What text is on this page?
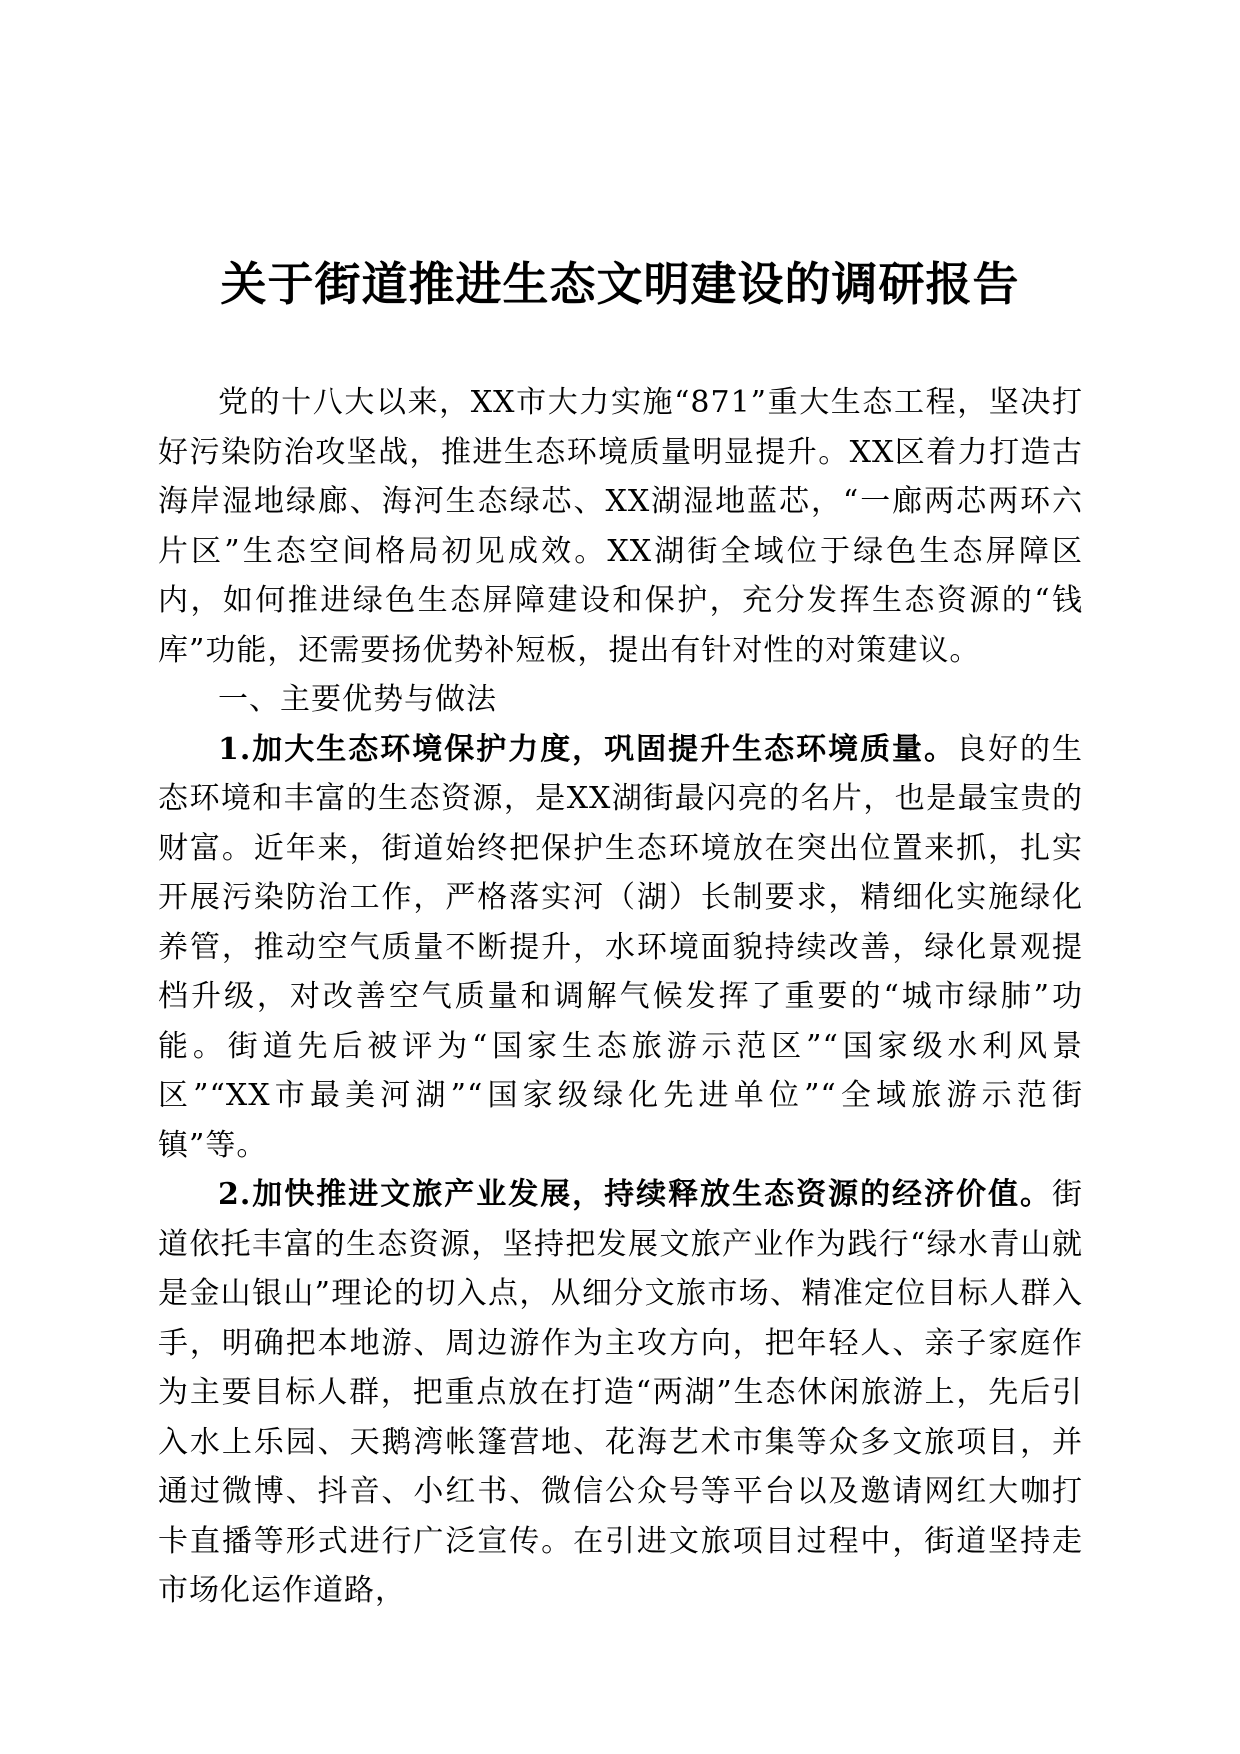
关于街道推进生态文明建设的调研报告

党的十八大以来，XX市大力实施“871”重大生态工程，坚决打好污染防治攻坚战，推进生态环境质量明显提升。XX区着力打造古海岸湿地绿廊、海河生态绿芯、XX湖湿地蓝芯，“一廊两芯两环六片区”生态空间格局初见成效。XX湖街全域位于绿色生态屏障区内，如何推进绿色生态屏障建设和保护，充分发挥生态资源的“钱库”功能，还需要扬优势补短板，提出有针对性的对策建议。

一、主要优势与做法

1.加大生态环境保护力度，巩固提升生态环境质量。良好的生态环境和丰富的生态资源，是XX湖街最闪亮的名片，也是最宝贵的财富。近年来，街道始终把保护生态环境放在突出位置来抓，扎实开展污染防治工作，严格落实河（湖）长制要求，精细化实施绿化养管，推动空气质量不断提升，水环境面貌持续改善，绿化景观提档升级，对改善空气质量和调解气候发挥了重要的“城市绿肺”功能。街道先后被评为“国家生态旅游示范区”“国家级水利风景区”“XX市最美河湖”“国家级绿化先进单位”“全域旅游示范街镇”等。

2.加快推进文旅产业发展，持续释放生态资源的经济价值。街道依托丰富的生态资源，坚持把发展文旅产业作为践行“绿水青山就是金山银山”理论的切入点，从细分文旅市场、精准定位目标人群入手，明确把本地游、周边游作为主攻方向，把年轻人、亲子家庭作为主要目标人群，把重点放在打造“两湖”生态休闲旅游上，先后引入水上乐园、天鹅湾帐篷营地、花海艺术市集等众多文旅项目，并通过微博、抖音、小红书、微信公众号等平台以及邀请网红大咖打卡直播等形式进行广泛宣传。在引进文旅项目过程中，街道坚持走市场化运作道路，
